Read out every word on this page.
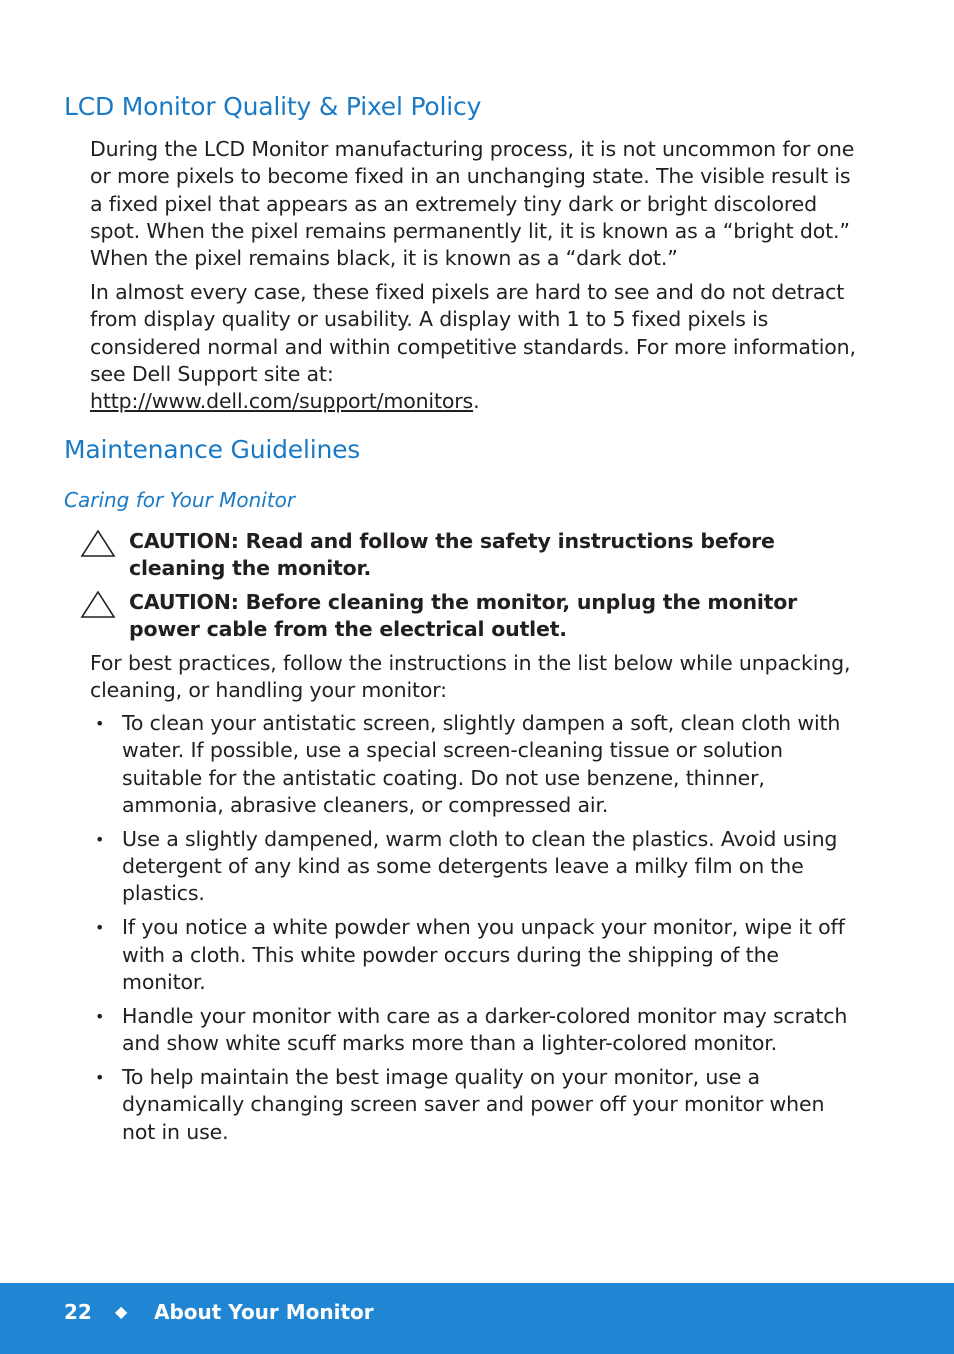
LCD Monitor Quality & Pixel Policy

During the LCD Monitor manufacturing process, it is not uncommon for one or more pixels to become fixed in an unchanging state. The visible result is a fixed pixel that appears as an extremely tiny dark or bright discolored spot. When the pixel remains permanently lit, it is known as a “bright dot.” When the pixel remains black, it is known as a “dark dot.”

In almost every case, these fixed pixels are hard to see and do not detract from display quality or usability. A display with 1 to 5 fixed pixels is considered normal and within competitive standards. For more information, see Dell Support site at:
http://www.dell.com/support/monitors.

Maintenance Guidelines
Caring for Your Monitor
CAUTION: Read and follow the safety instructions before cleaning the monitor.
CAUTION: Before cleaning the monitor, unplug the monitor power cable from the electrical outlet.

For best practices, follow the instructions in the list below while unpacking, cleaning, or handling your monitor:

• To clean your antistatic screen, slightly dampen a soft, clean cloth with water. If possible, use a special screen-cleaning tissue or solution suitable for the antistatic coating. Do not use benzene, thinner, ammonia, abrasive cleaners, or compressed air.
• Use a slightly dampened, warm cloth to clean the plastics. Avoid using detergent of any kind as some detergents leave a milky film on the plastics.
• If you notice a white powder when you unpack your monitor, wipe it off with a cloth. This white powder occurs during the shipping of the monitor.
• Handle your monitor with care as a darker-colored monitor may scratch and show white scuff marks more than a lighter-colored monitor.
• To help maintain the best image quality on your monitor, use a dynamically changing screen saver and power off your monitor when not in use.
22 ◆ About Your Monitor
